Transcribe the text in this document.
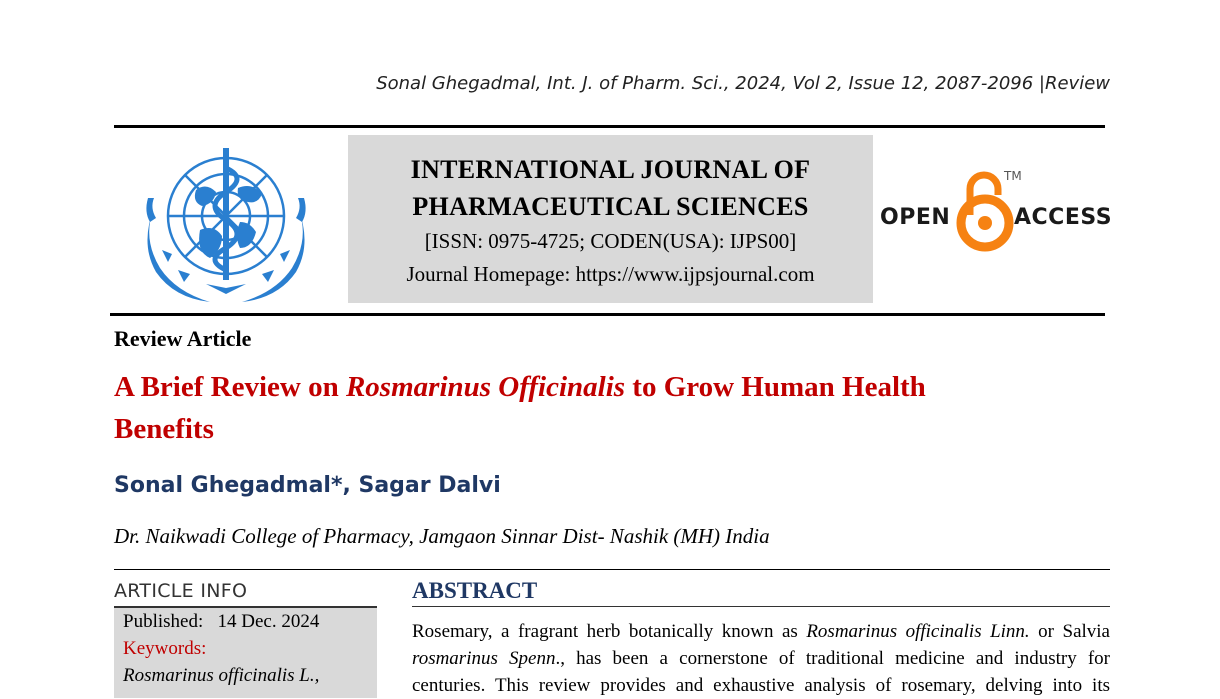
Sonal Ghegadmal, Int. J. of Pharm. Sci., 2024, Vol 2, Issue 12, 2087-2096 |Review
INTERNATIONAL JOURNAL OF
PHARMACEUTICAL SCIENCES
[ISSN: 0975-4725; CODEN(USA): IJPS00]
Journal Homepage: https://www.ijpsjournal.com
OPEN
TM
ACCESS
Review Article
A Brief Review on Rosmarinus Officinalis to Grow Human Health
Benefits
Sonal Ghegadmal*, Sagar Dalvi
Dr. Naikwadi College of Pharmacy, Jamgaon Sinnar Dist- Nashik (MH) India
ARTICLE INFO
Published: 14 Dec. 2024
Keywords:
Rosmarinus officinalis L.,
ABSTRACT
Rosemary, a fragrant herb botanically known as Rosmarinus officinalis Linn. or Salvia
rosmarinus Spenn., has been a cornerstone of traditional medicine and industry for
centuries. This review provides and exhaustive analysis of rosemary, delving into its
